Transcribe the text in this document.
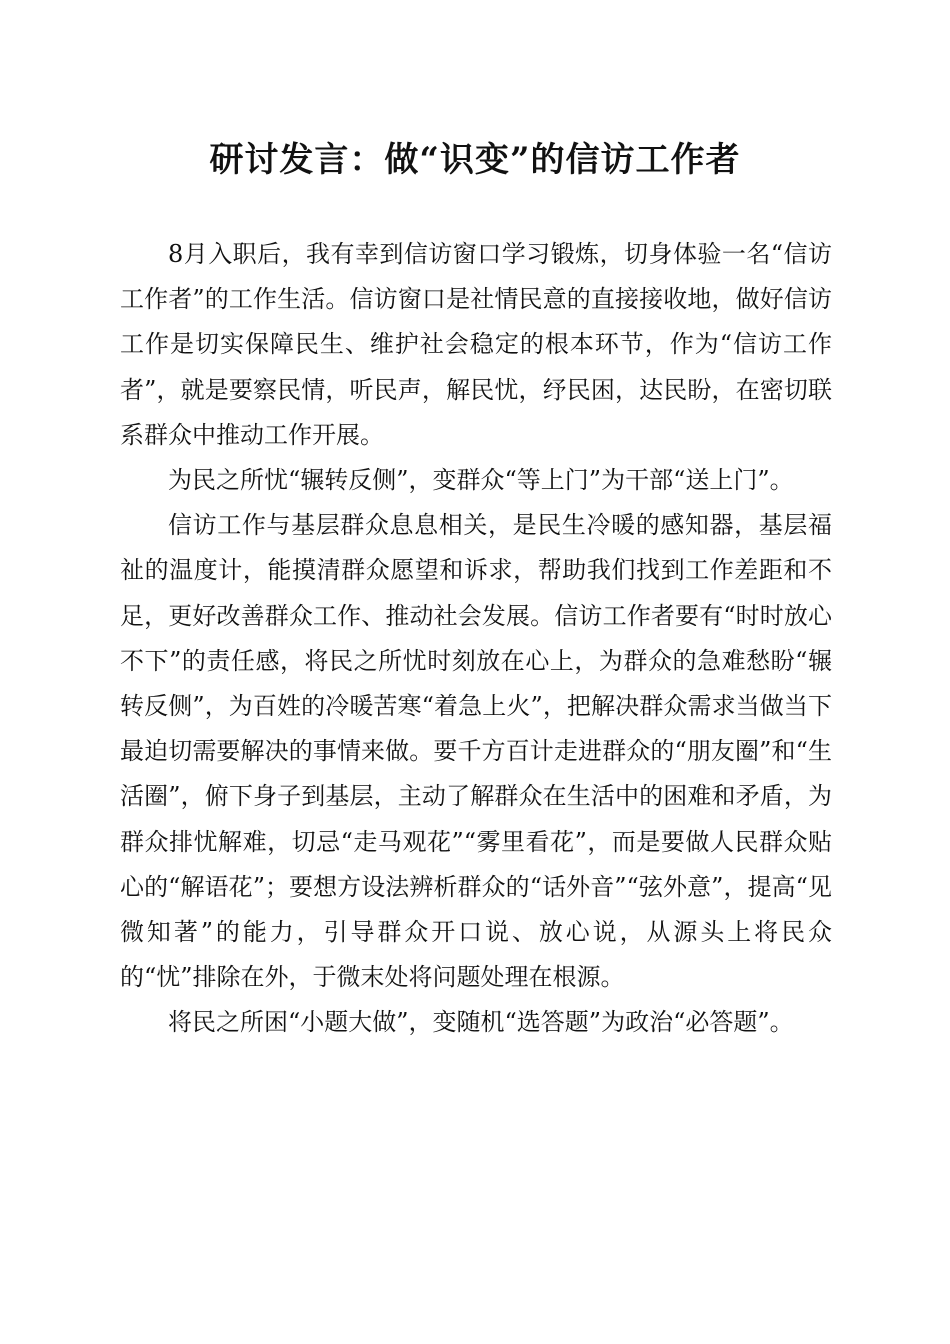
研讨发言：做“识变”的信访工作者

8月入职后，我有幸到信访窗口学习锻炼，切身体验一名“信访工作者”的工作生活。信访窗口是社情民意的直接接收地，做好信访工作是切实保障民生、维护社会稳定的根本环节，作为“信访工作者”，就是要察民情，听民声，解民忧，纾民困，达民盼，在密切联系群众中推动工作开展。

为民之所忧“辗转反侧”，变群众“等上门”为干部“送上门”。

信访工作与基层群众息息相关，是民生冷暖的感知器，基层福祉的温度计，能摸清群众愿望和诉求，帮助我们找到工作差距和不足，更好改善群众工作、推动社会发展。信访工作者要有“时时放心不下”的责任感，将民之所忧时刻放在心上，为群众的急难愁盼“辗转反侧”，为百姓的冷暖苦寒“着急上火”，把解决群众需求当做当下最迫切需要解决的事情来做。要千方百计走进群众的“朋友圈”和“生活圈”，俯下身子到基层，主动了解群众在生活中的困难和矛盾，为群众排忧解难，切忌“走马观花”“雾里看花”，而是要做人民群众贴心的“解语花”；要想方设法辨析群众的“话外音”“弦外意”，提高“见微知著”的能力，引导群众开口说、放心说，从源头上将民众的“忧”排除在外，于微末处将问题处理在根源。

将民之所困“小题大做”，变随机“选答题”为政治“必答题”。
